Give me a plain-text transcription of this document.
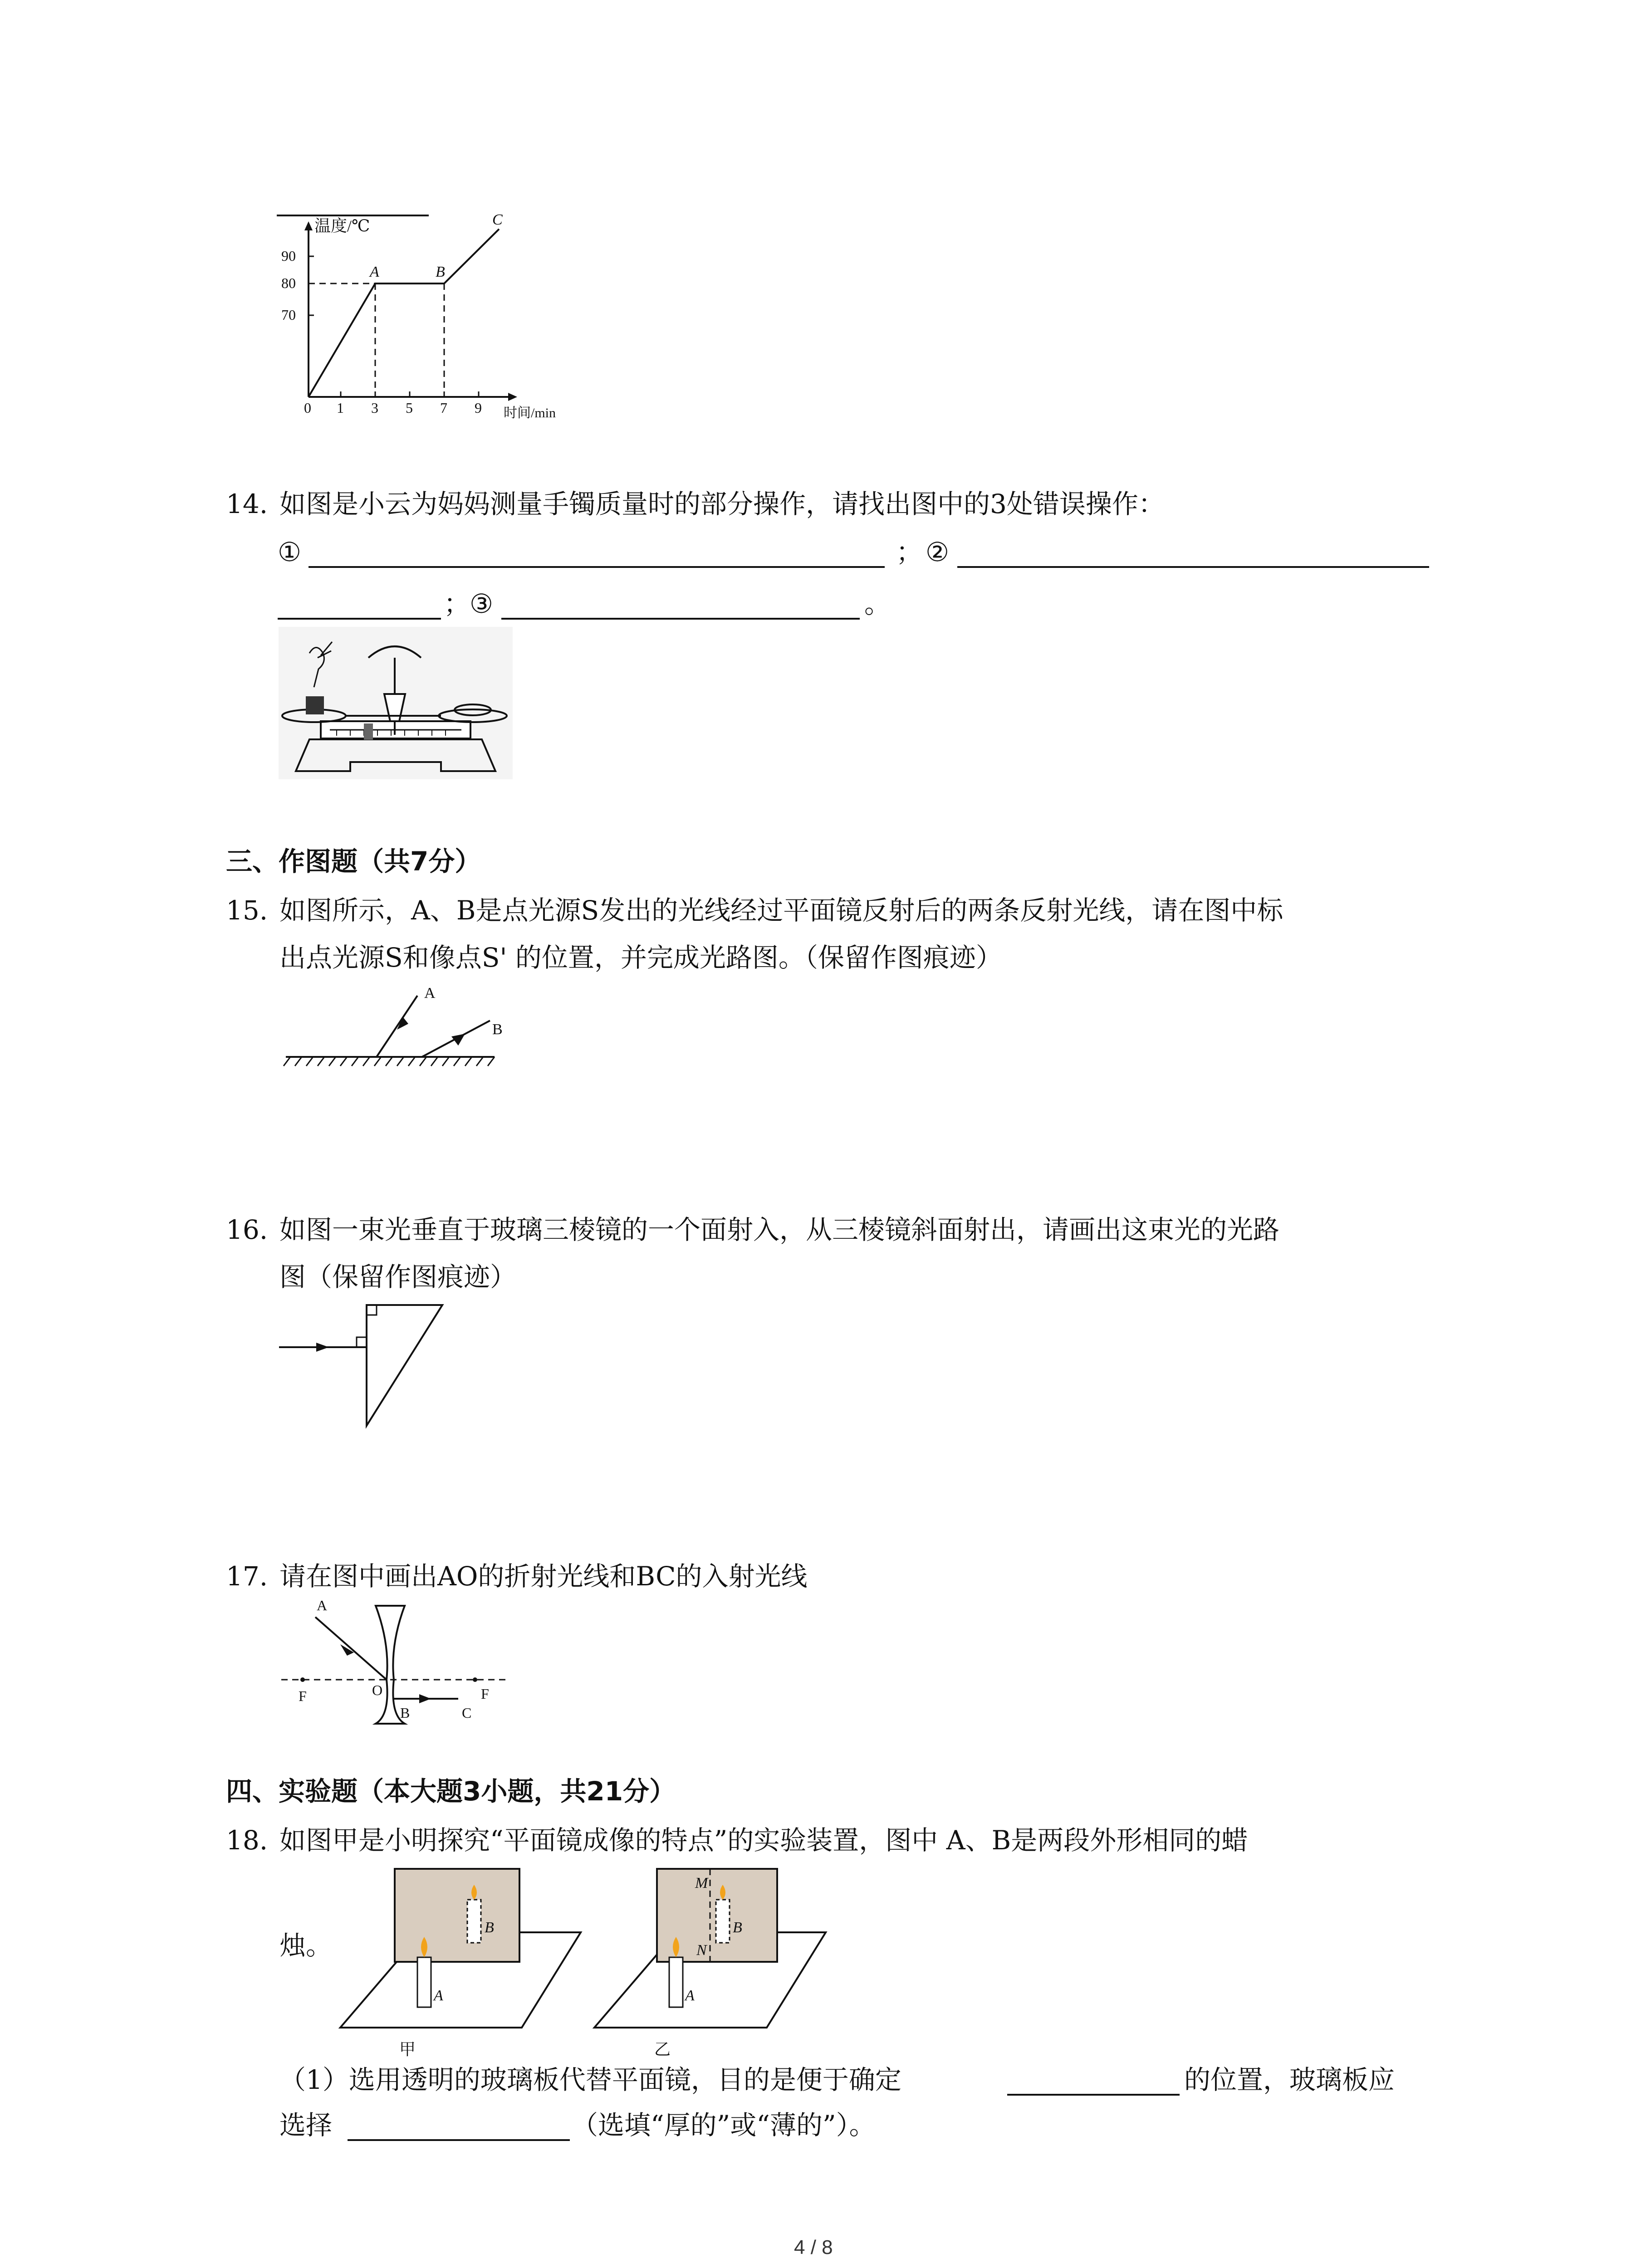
温度/℃
时间/min
90
80
70
0 1 3 5 7 9
A	B
C
14. 如图是小云为妈妈测量手镯质量时的部分操作，请找出图中的3处错误操作：
①	； ②
；
③	。
三、作图题（共7分）
15. 如图所示，A、B是点光源S发出的光线经过平面镜反射后的两条反射光线，请在图中标
出点光源S和像点S' 的位置，并完成光路图。（保留作图痕迹）
A
B
16. 如图一束光垂直于玻璃三棱镜的一个面射入，从三棱镜斜面射出，请画出这束光的光路
图（保留作图痕迹）
17. 请在图中画出AO的折射光线和BC的入射光线
A
O
B	C
F	F
四、实验题（本大题3小题，共21分）
18. 如图甲是小明探究“平面镜成像的特点”的实验装置，图中 A、B是两段外形相同的蜡
烛。
A
B
甲
A
B
M
N
乙
（1）选用透明的玻璃板代替平面镜，目的是便于确定	的位置，玻璃板应
选择	（选填“厚的”或“薄的”）。
4 / 8
